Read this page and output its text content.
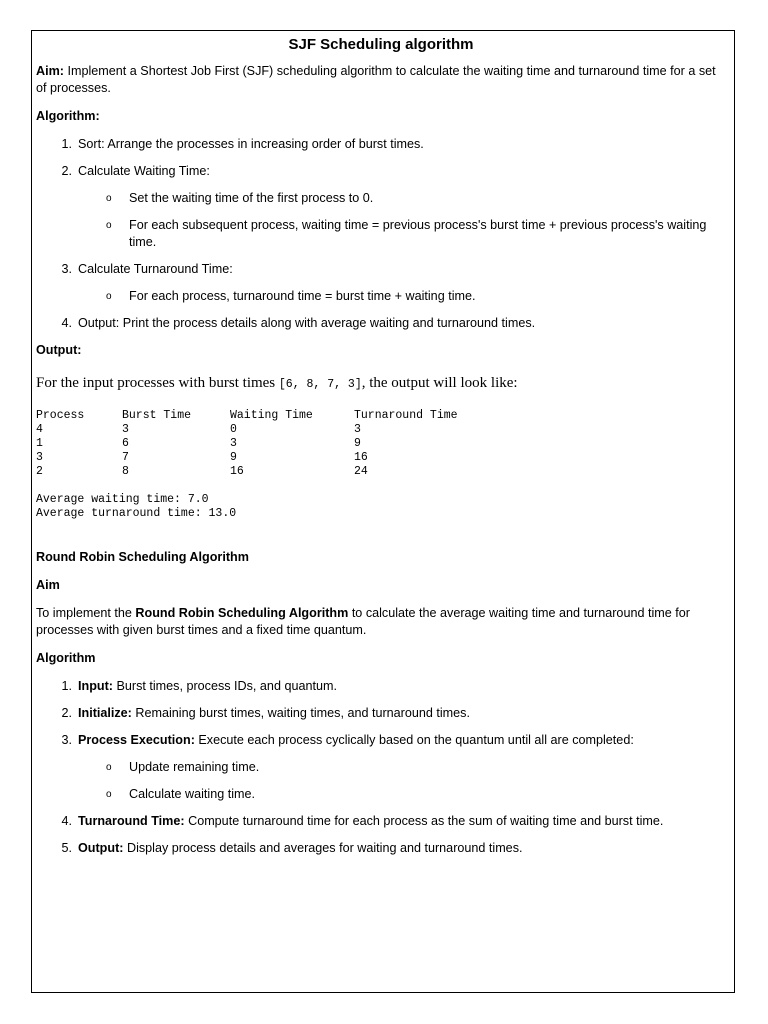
SJF Scheduling algorithm

Aim: Implement a Shortest Job First (SJF) scheduling algorithm to calculate the waiting time and turnaround time for a set of processes.

Algorithm:

1. Sort: Arrange the processes in increasing order of burst times.
2. Calculate Waiting Time:
o Set the waiting time of the first process to 0.
o For each subsequent process, waiting time = previous process's burst time + previous process's waiting time.
3. Calculate Turnaround Time:
o For each process, turnaround time = burst time + waiting time.
4. Output: Print the process details along with average waiting and turnaround times.

Output:

For the input processes with burst times [6, 8, 7, 3], the output will look like:
Process	Burst Time	Waiting Time	Turnaround Time
4	3	0	3
1	6	3	9
3	7	9	16
2	8	16	24
Average waiting time: 7.0
Average turnaround time: 13.0

Round Robin Scheduling Algorithm

Aim

To implement the Round Robin Scheduling Algorithm to calculate the average waiting time and turnaround time for processes with given burst times and a fixed time quantum.

Algorithm

1. Input: Burst times, process IDs, and quantum.
2. Initialize: Remaining burst times, waiting times, and turnaround times.
3. Process Execution: Execute each process cyclically based on the quantum until all are completed:
o Update remaining time.
o Calculate waiting time.
4. Turnaround Time: Compute turnaround time for each process as the sum of waiting time and burst time.
5. Output: Display process details and averages for waiting and turnaround times.
